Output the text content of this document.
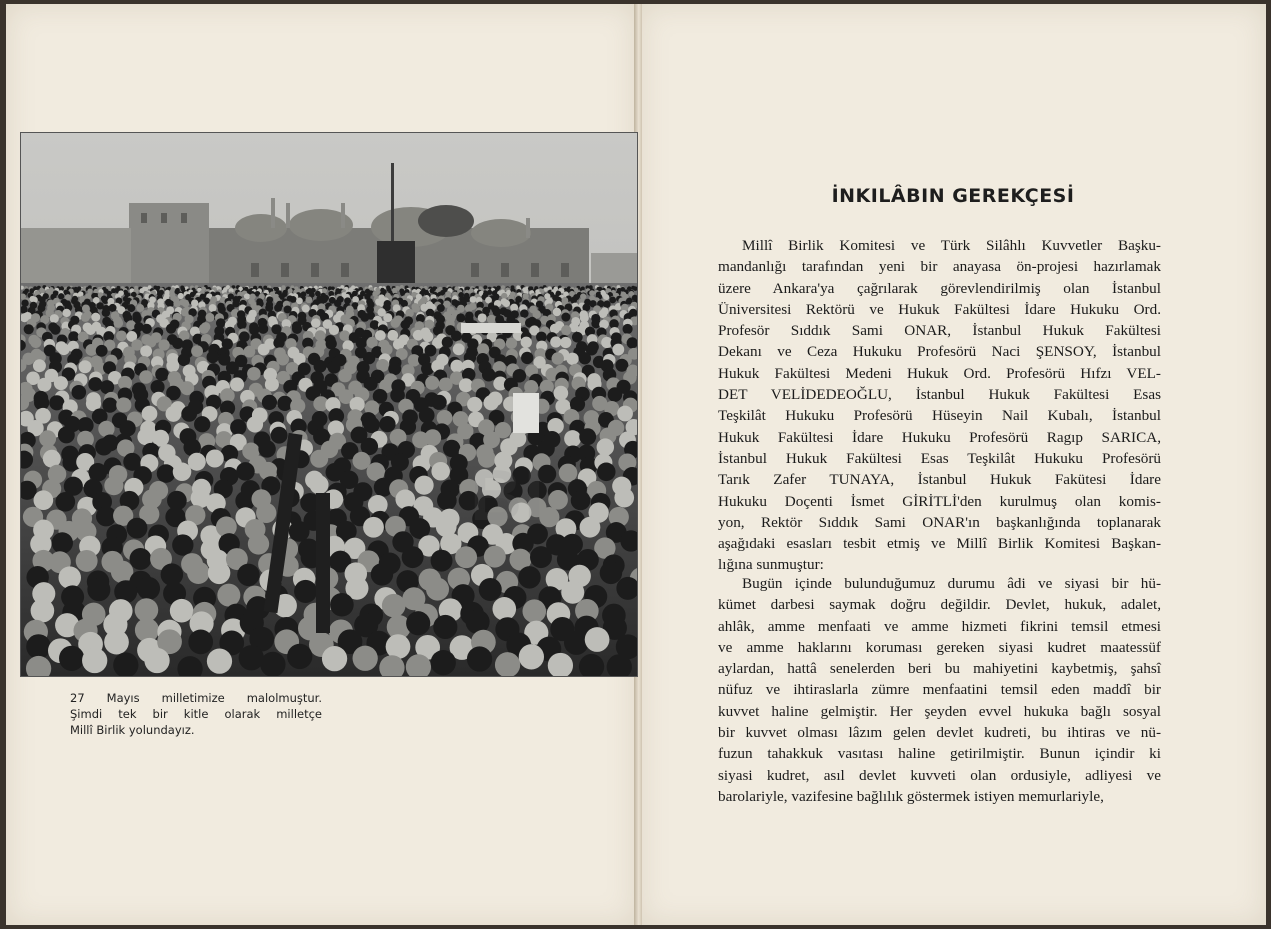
27 Mayıs milletimize malolmuştur.
Şimdi tek bir kitle olarak milletçe
Millî Birlik yolundayız.
İNKILÂBIN GEREKÇESİ
Millî Birlik Komitesi ve Türk Silâhlı Kuvvetler Başku-
mandanlığı tarafından yeni bir anayasa ön-projesi hazırlamak
üzere Ankara'ya çağrılarak görevlendirilmiş olan İstanbul
Üniversitesi Rektörü ve Hukuk Fakültesi İdare Hukuku Ord.
Profesör Sıddık Sami ONAR, İstanbul Hukuk Fakültesi
Dekanı ve Ceza Hukuku Profesörü Naci ŞENSOY, İstanbul
Hukuk Fakültesi Medeni Hukuk Ord. Profesörü Hıfzı VEL-
DET VELİDEDEOĞLU, İstanbul Hukuk Fakültesi Esas
Teşkilât Hukuku Profesörü Hüseyin Nail Kubalı, İstanbul
Hukuk Fakültesi İdare Hukuku Profesörü Ragıp SARICA,
İstanbul Hukuk Fakültesi Esas Teşkilât Hukuku Profesörü
Tarık Zafer TUNAYA, İstanbul Hukuk Fakütesi İdare
Hukuku Doçenti İsmet GİRİTLİ'den kurulmuş olan komis-
yon, Rektör Sıddık Sami ONAR'ın başkanlığında toplanarak
aşağıdaki esasları tesbit etmiş ve Millî Birlik Komitesi Başkan-
lığına sunmuştur:
Bugün içinde bulunduğumuz durumu âdi ve siyasi bir hü-
kümet darbesi saymak doğru değildir. Devlet, hukuk, adalet,
ahlâk, amme menfaati ve amme hizmeti fikrini temsil etmesi
ve amme haklarını koruması gereken siyasi kudret maatessüf
aylardan, hattâ senelerden beri bu mahiyetini kaybetmiş, şahsî
nüfuz ve ihtiraslarla zümre menfaatini temsil eden maddî bir
kuvvet haline gelmiştir. Her şeyden evvel hukuka bağlı sosyal
bir kuvvet olması lâzım gelen devlet kudreti, bu ihtiras ve nü-
fuzun tahakkuk vasıtası haline getirilmiştir. Bunun içindir ki
siyasi kudret, asıl devlet kuvveti olan ordusiyle, adliyesi ve
barolariyle, vazifesine bağlılık göstermek istiyen memurlariyle,
BI
